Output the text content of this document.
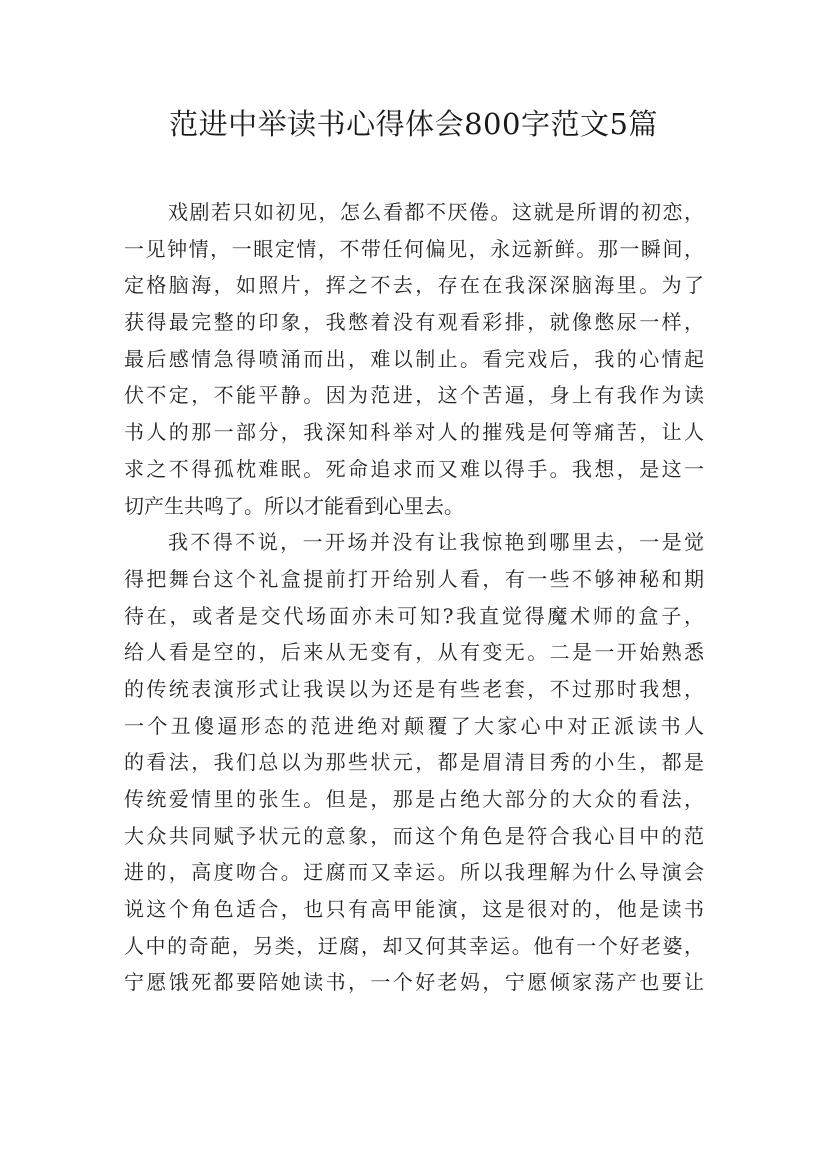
范进中举读书心得体会800字范文5篇
戏剧若只如初见，怎么看都不厌倦。这就是所谓的初恋，
一见钟情，一眼定情，不带任何偏见，永远新鲜。那一瞬间，
定格脑海，如照片，挥之不去，存在在我深深脑海里。为了
获得最完整的印象，我憋着没有观看彩排，就像憋尿一样，
最后感情急得喷涌而出，难以制止。看完戏后，我的心情起
伏不定，不能平静。因为范进，这个苦逼，身上有我作为读
书人的那一部分，我深知科举对人的摧残是何等痛苦，让人
求之不得孤枕难眠。死命追求而又难以得手。我想，是这一
切产生共鸣了。所以才能看到心里去。
我不得不说，一开场并没有让我惊艳到哪里去，一是觉
得把舞台这个礼盒提前打开给别人看，有一些不够神秘和期
待在，或者是交代场面亦未可知?我直觉得魔术师的盒子，
给人看是空的，后来从无变有，从有变无。二是一开始熟悉
的传统表演形式让我误以为还是有些老套，不过那时我想，
一个丑傻逼形态的范进绝对颠覆了大家心中对正派读书人
的看法，我们总以为那些状元，都是眉清目秀的小生，都是
传统爱情里的张生。但是，那是占绝大部分的大众的看法，
大众共同赋予状元的意象，而这个角色是符合我心目中的范
进的，高度吻合。迂腐而又幸运。所以我理解为什么导演会
说这个角色适合，也只有高甲能演，这是很对的，他是读书
人中的奇葩，另类，迂腐，却又何其幸运。他有一个好老婆，
宁愿饿死都要陪她读书，一个好老妈，宁愿倾家荡产也要让
